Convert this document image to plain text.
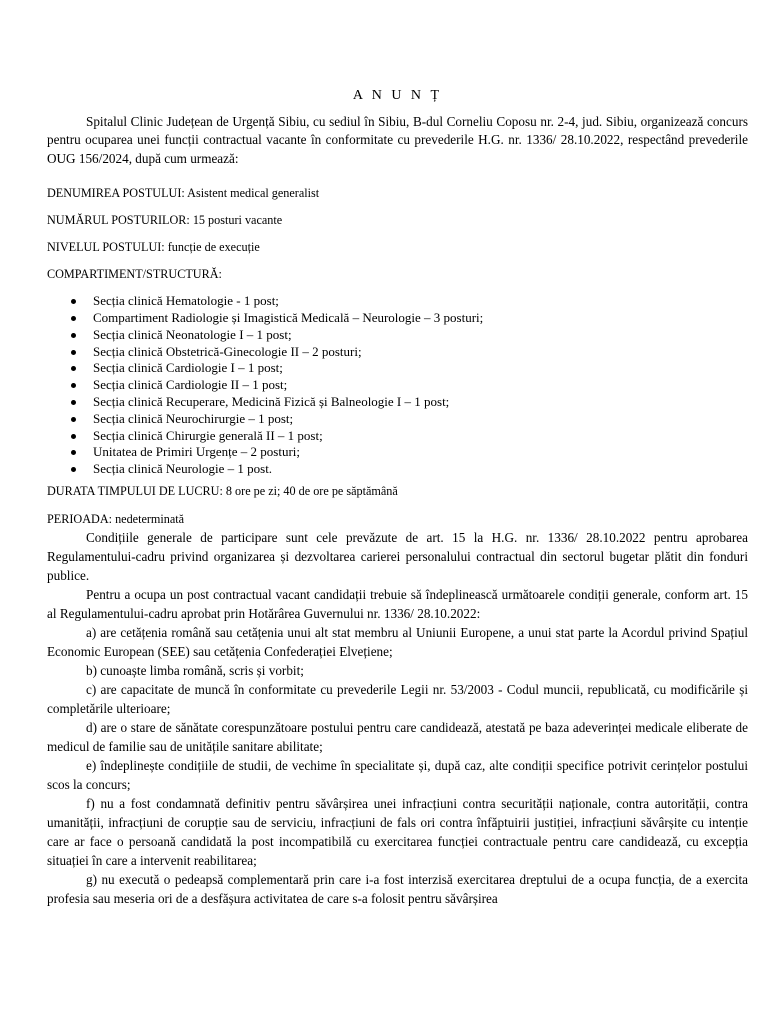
A N U N Ț

Spitalul Clinic Județean de Urgență Sibiu, cu sediul în Sibiu, B-dul Corneliu Coposu nr. 2-4, jud. Sibiu, organizează concurs pentru ocuparea unei funcții contractual vacante în conformitate cu prevederile H.G. nr. 1336/ 28.10.2022, respectând prevederile OUG 156/2024, după cum urmează:

DENUMIREA POSTULUI: Asistent medical generalist

NUMĂRUL POSTURILOR: 15 posturi vacante

NIVELUL POSTULUI: funcție de execuție

COMPARTIMENT/STRUCTURĂ:

Secția clinică Hematologie - 1 post;
Compartiment Radiologie și Imagistică Medicală – Neurologie – 3 posturi;
Secția clinică Neonatologie I – 1 post;
Secția clinică Obstetrică-Ginecologie II – 2 posturi;
Secția clinică Cardiologie I – 1 post;
Secția clinică Cardiologie II – 1 post;
Secția clinică Recuperare, Medicină Fizică și Balneologie I – 1 post;
Secția clinică Neurochirurgie – 1 post;
Secția clinică Chirurgie generală II – 1 post;
Unitatea de Primiri Urgențe – 2 posturi;
Secția clinică Neurologie – 1 post.

DURATA TIMPULUI DE LUCRU: 8 ore pe zi; 40 de ore pe săptămână

PERIOADA: nedeterminată

Condițiile generale de participare sunt cele prevăzute de art. 15 la H.G. nr. 1336/ 28.10.2022 pentru aprobarea Regulamentului-cadru privind organizarea și dezvoltarea carierei personalului contractual din sectorul bugetar plătit din fonduri publice.

Pentru a ocupa un post contractual vacant candidații trebuie să îndeplinească următoarele condiții generale, conform art. 15 al Regulamentului-cadru aprobat prin Hotărârea Guvernului nr. 1336/ 28.10.2022:

a) are cetățenia română sau cetățenia unui alt stat membru al Uniunii Europene, a unui stat parte la Acordul privind Spațiul Economic European (SEE) sau cetățenia Confederației Elvețiene;

b) cunoaște limba română, scris și vorbit;

c) are capacitate de muncă în conformitate cu prevederile Legii nr. 53/2003 - Codul muncii, republicată, cu modificările și completările ulterioare;

d) are o stare de sănătate corespunzătoare postului pentru care candidează, atestată pe baza adeverinței medicale eliberate de medicul de familie sau de unitățile sanitare abilitate;

e) îndeplinește condițiile de studii, de vechime în specialitate și, după caz, alte condiții specifice potrivit cerințelor postului scos la concurs;

f) nu a fost condamnată definitiv pentru săvârșirea unei infracțiuni contra securității naționale, contra autorității, contra umanității, infracțiuni de corupție sau de serviciu, infracțiuni de fals ori contra înfăptuirii justiției, infracțiuni săvârșite cu intenție care ar face o persoană candidată la post incompatibilă cu exercitarea funcției contractuale pentru care candidează, cu excepția situației în care a intervenit reabilitarea;

g) nu execută o pedeapsă complementară prin care i-a fost interzisă exercitarea dreptului de a ocupa funcția, de a exercita profesia sau meseria ori de a desfășura activitatea de care s-a folosit pentru săvârșirea
